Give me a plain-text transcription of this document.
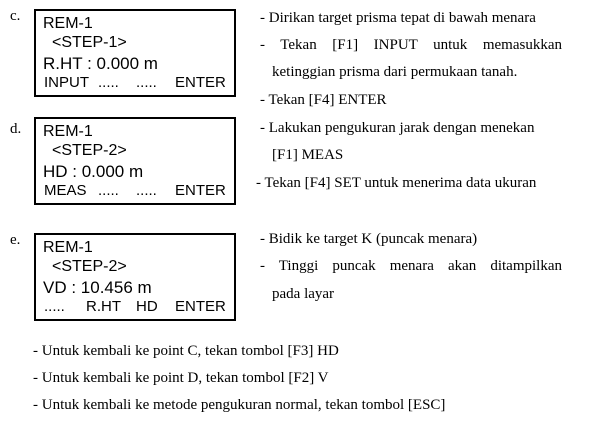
c. REM-1
<STEP-1>
R.HT : 0.000 m

INPUT

.....

.....

ENTER

- Dirikan target prisma tepat di bawah menara
- Tekan [F1] INPUT untuk memasukkan
ketinggian prisma dari permukaan tanah.
- Tekan [F4] ENTER
d. REM-1
<STEP-2>
HD : 0.000 m

MEAS

.....

.....

ENTER

- Lakukan pengukuran jarak dengan menekan
[F1] MEAS
- Tekan [F4] SET untuk menerima data ukuran
e. REM-1
<STEP-2>
VD : 10.456 m

.....

R.HT

HD

ENTER

- Bidik ke target K (puncak menara)
- Tinggi puncak menara akan ditampilkan
pada layar
- Untuk kembali ke point C, tekan tombol [F3] HD
- Untuk kembali ke point D, tekan tombol [F2] V
- Untuk kembali ke metode pengukuran normal, tekan tombol [ESC]
